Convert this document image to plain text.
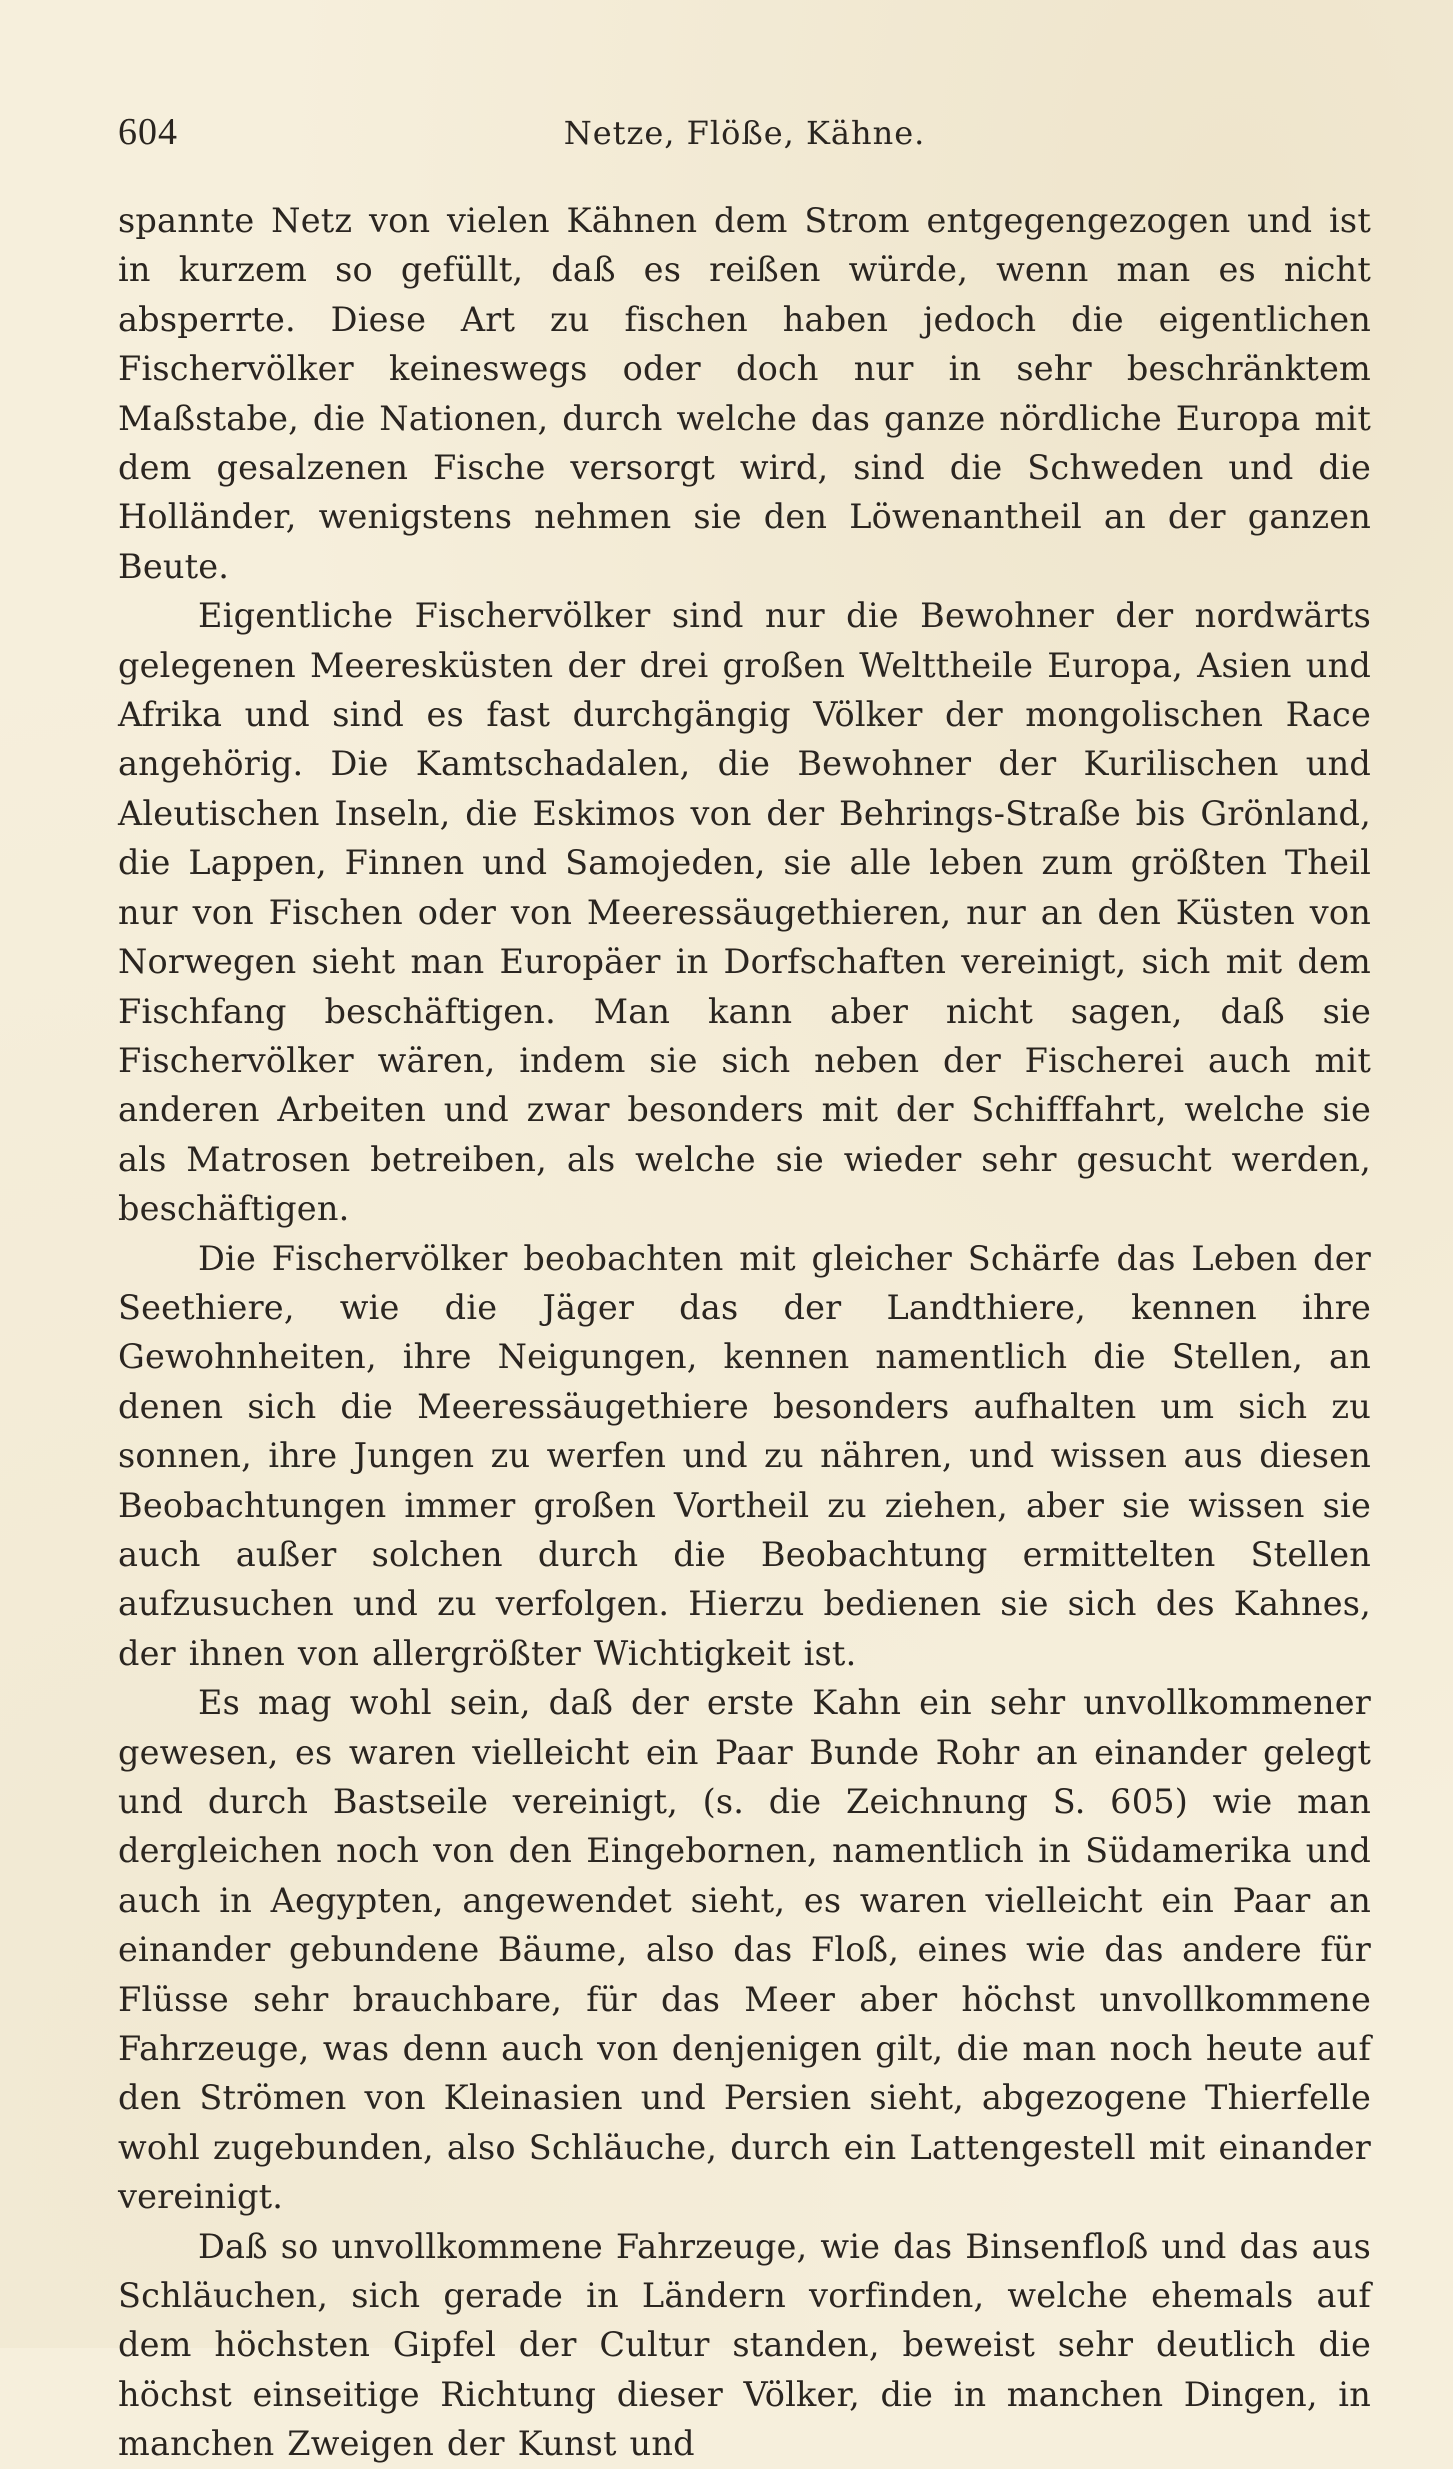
604	Netze, Flöße, Kähne.

spannte Netz von vielen Kähnen dem Strom entgegengezogen und ist in kurzem so gefüllt, daß es reißen würde, wenn man es nicht absperrte. Diese Art zu fischen haben jedoch die eigentlichen Fischervölker keineswegs oder doch nur in sehr beschränktem Maßstabe, die Nationen, durch welche das ganze nördliche Europa mit dem gesalzenen Fische versorgt wird, sind die Schweden und die Holländer, wenigstens nehmen sie den Löwenantheil an der ganzen Beute.

Eigentliche Fischervölker sind nur die Bewohner der nordwärts gelegenen Meeresküsten der drei großen Welttheile Europa, Asien und Afrika und sind es fast durchgängig Völker der mongolischen Race angehörig. Die Kamtschadalen, die Bewohner der Kurilischen und Aleutischen Inseln, die Eskimos von der Behrings-Straße bis Grönland, die Lappen, Finnen und Samojeden, sie alle leben zum größten Theil nur von Fischen oder von Meeressäugethieren, nur an den Küsten von Norwegen sieht man Europäer in Dorfschaften vereinigt, sich mit dem Fischfang beschäftigen. Man kann aber nicht sagen, daß sie Fischervölker wären, indem sie sich neben der Fischerei auch mit anderen Arbeiten und zwar besonders mit der Schifffahrt, welche sie als Matrosen betreiben, als welche sie wieder sehr gesucht werden, beschäftigen.

Die Fischervölker beobachten mit gleicher Schärfe das Leben der Seethiere, wie die Jäger das der Landthiere, kennen ihre Gewohnheiten, ihre Neigungen, kennen namentlich die Stellen, an denen sich die Meeressäugethiere besonders aufhalten um sich zu sonnen, ihre Jungen zu werfen und zu nähren, und wissen aus diesen Beobachtungen immer großen Vortheil zu ziehen, aber sie wissen sie auch außer solchen durch die Beobachtung ermittelten Stellen aufzusuchen und zu verfolgen. Hierzu bedienen sie sich des Kahnes, der ihnen von allergrößter Wichtigkeit ist.

Es mag wohl sein, daß der erste Kahn ein sehr unvollkommener gewesen, es waren vielleicht ein Paar Bunde Rohr an einander gelegt und durch Bastseile vereinigt, (s. die Zeichnung S. 605) wie man dergleichen noch von den Eingebornen, namentlich in Südamerika und auch in Aegypten, angewendet sieht, es waren vielleicht ein Paar an einander gebundene Bäume, also das Floß, eines wie das andere für Flüsse sehr brauchbare, für das Meer aber höchst unvollkommene Fahrzeuge, was denn auch von denjenigen gilt, die man noch heute auf den Strömen von Kleinasien und Persien sieht, abgezogene Thierfelle wohl zugebunden, also Schläuche, durch ein Lattengestell mit einander vereinigt.

Daß so unvollkommene Fahrzeuge, wie das Binsenfloß und das aus Schläuchen, sich gerade in Ländern vorfinden, welche ehemals auf dem höchsten Gipfel der Cultur standen, beweist sehr deutlich die höchst einseitige Richtung dieser Völker, die in manchen Dingen, in manchen Zweigen der Kunst und
